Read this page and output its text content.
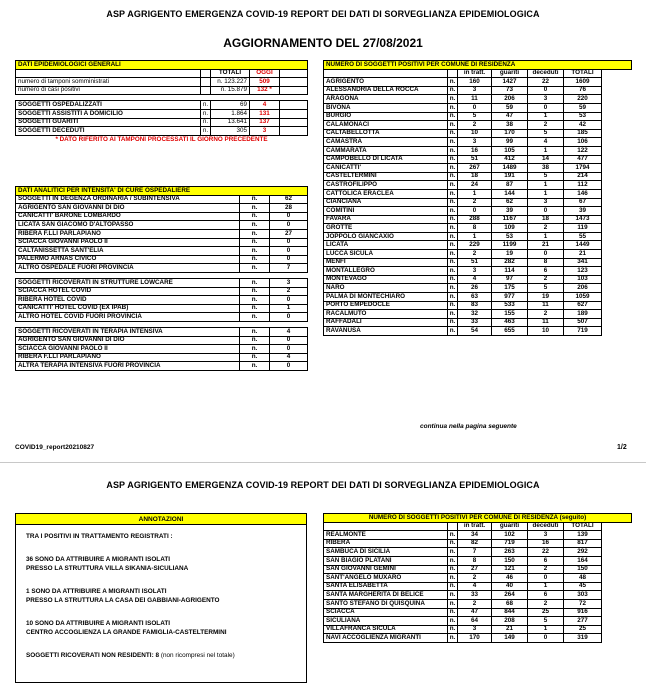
ASP AGRIGENTO EMERGENZA COVID-19 REPORT DEI DATI DI SORVEGLIANZA EPIDEMIOLOGICA
AGGIORNAMENTO DEL 27/08/2021
DATI EPIDEMIOLOGICI GENERALI				
		TOTALI	OGGI	
numero di tamponi somministrati		n. 123.227	509	
numero di casi positivi		n. 15.879	132 *	

SOGGETTI OSPEDALIZZATI	n.	69	4	
SOGGETTI ASSISTITI A DOMICILIO	n.	1.864	131	
SOGGETTI GUARITI	n.	13.641	137	
SOGGETTI DECEDUTI	n.	305	3	
* DATO RIFERITO AI TAMPONI PROCESSATI IL GIORNO PRECEDENTE				
DATI ANALITICI PER INTENSITA' DI CURE OSPEDALIERE		
SOGGETTI IN DEGENZA ORDINARIA / SUBINTENSIVA	n.	62
AGRIGENTO SAN GIOVANNI DI DIO	n.	28
CANICATTI' BARONE LOMBARDO	n.	0
LICATA SAN GIACOMO D'ALTOPASSO	n.	0
RIBERA F.LLI PARLAPIANO	n.	27
SCIACCA GIOVANNI PAOLO II	n.	0
CALTANISSETTA SANT'ELIA	n.	0
PALERMO ARNAS CIVICO	n.	0
ALTRO OSPEDALE FUORI PROVINCIA	n.	7

SOGGETTI RICOVERATI IN STRUTTURE LOWCARE	n.	3
SCIACCA HOTEL COVID	n.	2
RIBERA HOTEL COVID	n.	0
CANICATTI' HOTEL COVID (EX IPAB)	n.	1
ALTRO HOTEL COVID FUORI PROVINCIA	n.	0

SOGGETTI RICOVERATI IN TERAPIA INTENSIVA	n.	4
AGRIGENTO SAN GIOVANNI DI DIO	n.	0
SCIACCA GIOVANNI PAOLO II	n.	0
RIBERA F.LLI PARLAPIANO	n.	4
ALTRA TERAPIA INTENSIVA FUORI PROVINCIA	n.	0
NUMERO DI SOGGETTI POSITIVI PER COMUNE DI RESIDENZA						
		in tratt.	guariti	deceduti	TOTALI	
AGRIGENTO	n.	160	1427	22	1609	
ALESSANDRIA DELLA ROCCA	n.	3	73	0	76	
ARAGONA	n.	11	206	3	220	
BIVONA	n.	0	59	0	59	
BURGIO	n.	5	47	1	53	
CALAMONACI	n.	2	38	2	42	
CALTABELLOTTA	n.	10	170	5	185	
CAMASTRA	n.	3	99	4	106	
CAMMARATA	n.	16	105	1	122	
CAMPOBELLO DI LICATA	n.	51	412	14	477	
CANICATTI'	n.	267	1489	38	1794	
CASTELTERMINI	n.	18	191	5	214	
CASTROFILIPPO	n.	24	87	1	112	
CATTOLICA ERACLEA	n.	1	144	1	146	
CIANCIANA	n.	2	62	3	67	
COMITINI	n.	0	39	0	39	
FAVARA	n.	288	1167	18	1473	
GROTTE	n.	8	109	2	119	
JOPPOLO GIANCAXIO	n.	1	53	1	55	
LICATA	n.	229	1199	21	1449	
LUCCA SICULA	n.	2	19	0	21	
MENFI	n.	51	282	8	341	
MONTALLEGRO	n.	3	114	6	123	
MONTEVAGO	n.	4	97	2	103	
NARO	n.	26	175	5	206	
PALMA DI MONTECHIARO	n.	63	977	19	1059	
PORTO EMPEDOCLE	n.	83	533	11	627	
RACALMUTO	n.	32	155	2	189	
RAFFADALI	n.	33	463	11	507	
RAVANUSA	n.	54	655	10	719	
continua nella pagina seguente
COVID19_report20210827	1/2
ASP AGRIGENTO EMERGENZA COVID-19 REPORT DEI DATI DI SORVEGLIANZA EPIDEMIOLOGICA
ANNOTAZIONI

TRA I POSITIVI IN TRATTAMENTO REGISTRATI :

36 SONO DA ATTRIBUIRE A MIGRANTI ISOLATI
PRESSO LA STRUTTURA VILLA SIKANIA-SICULIANA

1 SONO DA ATTRIBUIRE A MIGRANTI ISOLATI
PRESSO LA STRUTTURA LA CASA DEI GABBIANI-AGRIGENTO

10 SONO DA ATTRIBUIRE A MIGRANTI ISOLATI
CENTRO ACCOGLIENZA LA GRANDE FAMIGLIA-CASTELTERMINI

SOGGETTI RICOVERATI NON RESIDENTI: 8 (non ricompresi nel totale)

NUMERO DI SOGGETTI POSITIVI PER COMUNE DI RESIDENZA (seguito)						
		in tratt.	guariti	deceduti	TOTALI	
REALMONTE	n.	34	102	3	139	
RIBERA	n.	82	719	16	817	
SAMBUCA DI SICILIA	n.	7	263	22	292	
SAN BIAGIO PLATANI	n.	8	150	6	164	
SAN GIOVANNI GEMINI	n.	27	121	2	150	
SANT'ANGELO MUXARO	n.	2	46	0	48	
SANTA ELISABETTA	n.	4	40	1	45	
SANTA MARGHERITA DI BELICE	n.	33	264	6	303	
SANTO STEFANO DI QUISQUINA	n.	2	68	2	72	
SCIACCA	n.	47	844	25	916	
SICULIANA	n.	64	208	5	277	
VILLAFRANCA SICULA	n.	3	21	1	25	
NAVI ACCOGLIENZA MIGRANTI	n.	170	149	0	319	
